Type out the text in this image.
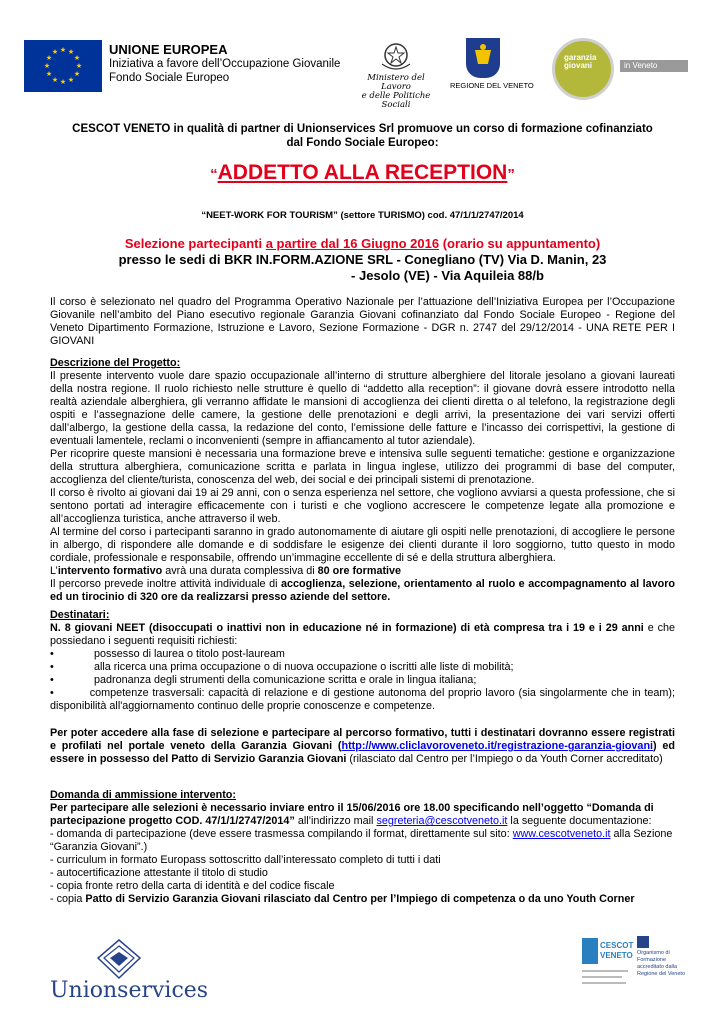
★ ★
★
★
★
★
★
★
★
★
★
★	UNIONE EUROPEA
Iniziativa a favore dell’Occupazione Giovanile
Fondo Sociale Europeo	Ministero del Lavoro
e delle Politiche Sociali
REGIONE DEL VENETO
garanzia
giovani	in Veneto
CESCOT VENETO in qualità di partner di Unionservices Srl promuove un corso di formazione cofinanziato
dal Fondo Sociale Europeo:
“ADDETTO ALLA RECEPTION”
“NEET-WORK FOR TOURISM” (settore TURISMO) cod. 47/1/1/2747/2014
Selezione partecipanti a partire dal 16 Giugno 2016 (orario su appuntamento)
presso le sedi di BKR IN.FORM.AZIONE SRL - Conegliano (TV) Via D. Manin, 23
- Jesolo (VE) - Via Aquileia 88/b
Il corso è selezionato nel quadro del Programma Operativo Nazionale per l’attuazione dell’Iniziativa Europea per l’Occupazione Giovanile nell’ambito del Piano esecutivo regionale Garanzia Giovani cofinanziato dal Fondo Sociale Europeo - Regione del Veneto Dipartimento Formazione, Istruzione e Lavoro, Sezione Formazione - DGR n. 2747 del 29/12/2014 - UNA RETE PER I GIOVANI
Descrizione del Progetto:
Il presente intervento vuole dare spazio occupazionale all’interno di strutture alberghiere del litorale jesolano a giovani laureati della nostra regione. Il ruolo richiesto nelle strutture è quello di “addetto alla reception”: il giovane dovrà essere introdotto nella realtà aziendale alberghiera, gli verranno affidate le mansioni di accoglienza dei clienti diretta o al telefono, la registrazione degli ospiti e l’assegnazione delle camere, la gestione delle prenotazioni e degli arrivi, la presentazione dei vari servizi offerti dall’albergo, la gestione della cassa, la redazione del conto, l’emissione delle fatture e l’incasso dei corrispettivi, la gestione di eventuali lamentele, reclami o inconvenienti (sempre in affiancamento al tutor aziendale).
Per ricoprire queste mansioni è necessaria una formazione breve e intensiva sulle seguenti tematiche: gestione e organizzazione della struttura alberghiera, comunicazione scritta e parlata in lingua inglese, utilizzo dei programmi di base del computer, accoglienza del cliente/turista, conoscenza del web, dei social e dei principali sistemi di prenotazione.
Il corso è rivolto ai giovani dai 19 ai 29 anni, con o senza esperienza nel settore, che vogliono avviarsi a questa professione, che si sentono portati ad interagire efficacemente con i turisti e che vogliono accrescere le competenze legate alla promozione e all’accoglienza turistica, anche attraverso il web.
Al termine del corso i partecipanti saranno in grado autonomamente di aiutare gli ospiti nelle prenotazioni, di accogliere le persone in albergo, di rispondere alle domande e di soddisfare le esigenze dei clienti durante il loro soggiorno, tutto questo in modo cordiale, professionale e responsabile, offrendo un’immagine eccellente di sé e della struttura alberghiera.
L’intervento formativo avrà una durata complessiva di 80 ore formative
Il percorso prevede inoltre attività individuale di accoglienza, selezione, orientamento al ruolo e accompagnamento al lavoro ed un tirocinio di 320 ore da realizzarsi presso aziende del settore.
Destinatari:
N. 8 giovani NEET (disoccupati o inattivi non in educazione né in formazione) di età compresa tra i 19 e i 29 anni e che possiedano i seguenti requisiti richiesti:
•	possesso di laurea o titolo post-lauream
•	alla ricerca una prima occupazione o di nuova occupazione o iscritti alle liste di mobilità;
•	padronanza degli strumenti della comunicazione scritta e orale in lingua italiana;
•	competenze trasversali: capacità di relazione e di gestione autonoma del proprio lavoro (sia singolarmente che in team); disponibilità all'aggiornamento continuo delle proprie conoscenze e competenze.
Per poter accedere alla fase di selezione e partecipare al percorso formativo, tutti i destinatari dovranno essere registrati e profilati nel portale veneto della Garanzia Giovani (http://www.cliclavoroveneto.it/registrazione-garanzia-giovani) ed essere in possesso del Patto di Servizio Garanzia Giovani (rilasciato dal Centro per l’Impiego o da Youth Corner accreditato)
Domanda di ammissione intervento:
Per partecipare alle selezioni è necessario inviare entro il 15/06/2016 ore 18.00 specificando nell’oggetto “Domanda di partecipazione progetto COD. 47/1/1/2747/2014” all’indirizzo mail segreteria@cescotveneto.it la seguente documentazione:
- domanda di partecipazione (deve essere trasmessa compilando il format, direttamente sul sito: www.cescotveneto.it alla Sezione “Garanzia Giovani”.)
- curriculum in formato Europass sottoscritto dall’interessato completo di tutti i dati
- autocertificazione attestante il titolo di studio
- copia fronte retro della carta di identità e del codice fiscale
- copia Patto di Servizio Garanzia Giovani rilasciato dal Centro per l’Impiego di competenza o da uno Youth Corner
Unionservices
CESCOT
VENETO Organismo di Formazione accreditato dalla Regione del Veneto
